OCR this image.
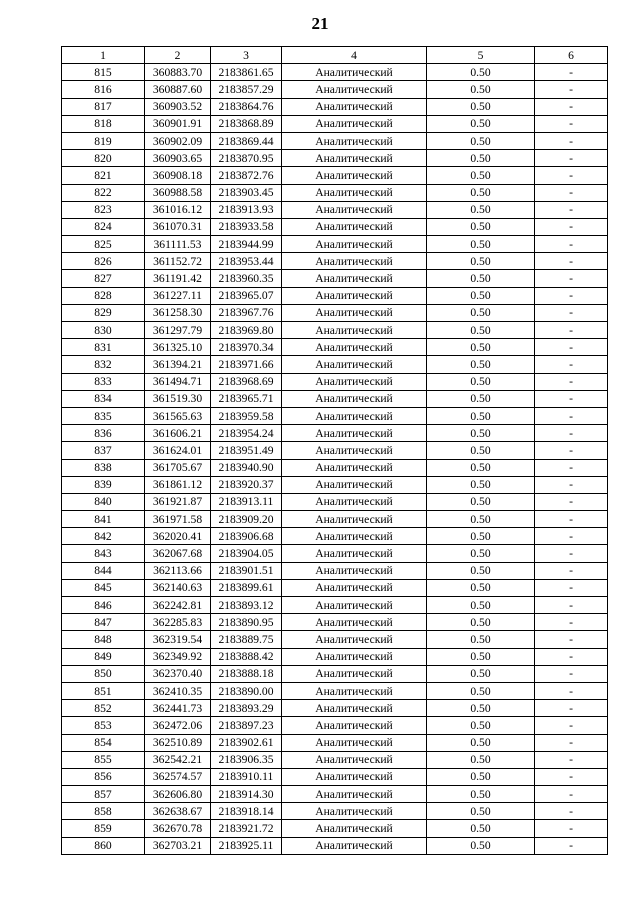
21
1	2	3	4	5	6
815	360883.70	2183861.65	Аналитический	0.50	-
816	360887.60	2183857.29	Аналитический	0.50	-
817	360903.52	2183864.76	Аналитический	0.50	-
818	360901.91	2183868.89	Аналитический	0.50	-
819	360902.09	2183869.44	Аналитический	0.50	-
820	360903.65	2183870.95	Аналитический	0.50	-
821	360908.18	2183872.76	Аналитический	0.50	-
822	360988.58	2183903.45	Аналитический	0.50	-
823	361016.12	2183913.93	Аналитический	0.50	-
824	361070.31	2183933.58	Аналитический	0.50	-
825	361111.53	2183944.99	Аналитический	0.50	-
826	361152.72	2183953.44	Аналитический	0.50	-
827	361191.42	2183960.35	Аналитический	0.50	-
828	361227.11	2183965.07	Аналитический	0.50	-
829	361258.30	2183967.76	Аналитический	0.50	-
830	361297.79	2183969.80	Аналитический	0.50	-
831	361325.10	2183970.34	Аналитический	0.50	-
832	361394.21	2183971.66	Аналитический	0.50	-
833	361494.71	2183968.69	Аналитический	0.50	-
834	361519.30	2183965.71	Аналитический	0.50	-
835	361565.63	2183959.58	Аналитический	0.50	-
836	361606.21	2183954.24	Аналитический	0.50	-
837	361624.01	2183951.49	Аналитический	0.50	-
838	361705.67	2183940.90	Аналитический	0.50	-
839	361861.12	2183920.37	Аналитический	0.50	-
840	361921.87	2183913.11	Аналитический	0.50	-
841	361971.58	2183909.20	Аналитический	0.50	-
842	362020.41	2183906.68	Аналитический	0.50	-
843	362067.68	2183904.05	Аналитический	0.50	-
844	362113.66	2183901.51	Аналитический	0.50	-
845	362140.63	2183899.61	Аналитический	0.50	-
846	362242.81	2183893.12	Аналитический	0.50	-
847	362285.83	2183890.95	Аналитический	0.50	-
848	362319.54	2183889.75	Аналитический	0.50	-
849	362349.92	2183888.42	Аналитический	0.50	-
850	362370.40	2183888.18	Аналитический	0.50	-
851	362410.35	2183890.00	Аналитический	0.50	-
852	362441.73	2183893.29	Аналитический	0.50	-
853	362472.06	2183897.23	Аналитический	0.50	-
854	362510.89	2183902.61	Аналитический	0.50	-
855	362542.21	2183906.35	Аналитический	0.50	-
856	362574.57	2183910.11	Аналитический	0.50	-
857	362606.80	2183914.30	Аналитический	0.50	-
858	362638.67	2183918.14	Аналитический	0.50	-
859	362670.78	2183921.72	Аналитический	0.50	-
860	362703.21	2183925.11	Аналитический	0.50	-
